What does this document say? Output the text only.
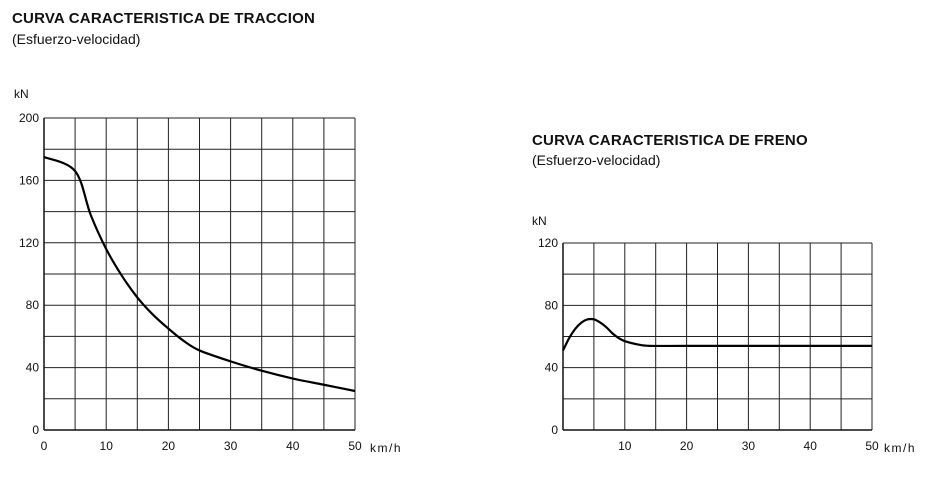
CURVA CARACTERISTICA DE TRACCION
(Esfuerzo-velocidad)
CURVA CARACTERISTICA DE FRENO
(Esfuerzo-velocidad)
0
40
80
120
160
200
0	10	20	30	40	50
kN
km/h
0
40
80
120
10	20	30	40	50
kN
km/h
